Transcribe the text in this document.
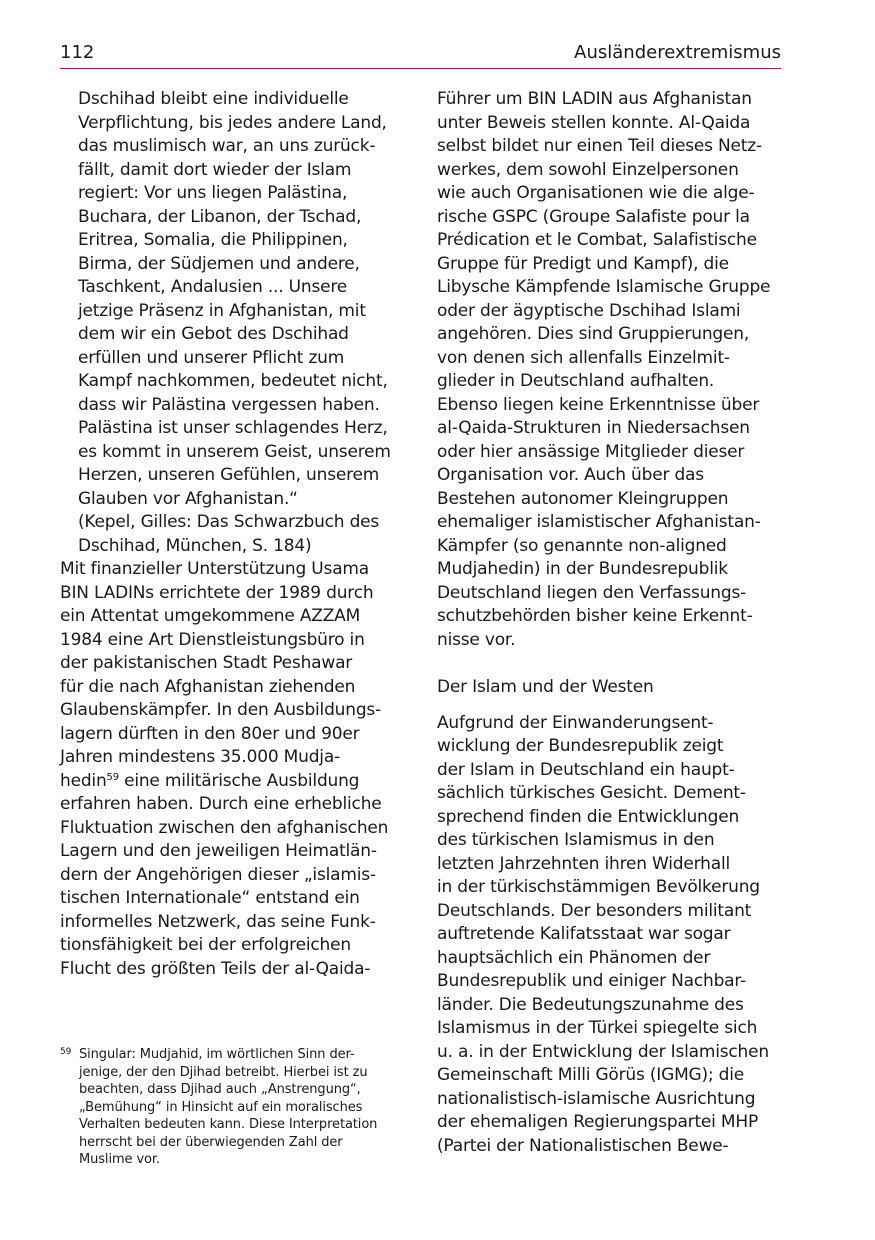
112	Ausländerextremismus
Dschihad bleibt eine individuelle
Verpflichtung, bis jedes andere Land,
das muslimisch war, an uns zurück-
fällt, damit dort wieder der Islam
regiert: Vor uns liegen Palästina,
Buchara, der Libanon, der Tschad,
Eritrea, Somalia, die Philippinen,
Birma, der Südjemen und andere,
Taschkent, Andalusien ... Unsere
jetzige Präsenz in Afghanistan, mit
dem wir ein Gebot des Dschihad
erfüllen und unserer Pflicht zum
Kampf nachkommen, bedeutet nicht,
dass wir Palästina vergessen haben.
Palästina ist unser schlagendes Herz,
es kommt in unserem Geist, unserem
Herzen, unseren Gefühlen, unserem
Glauben vor Afghanistan.“
(Kepel, Gilles: Das Schwarzbuch des
Dschihad, München, S. 184)
Mit finanzieller Unterstützung Usama
BIN LADINs errichtete der 1989 durch
ein Attentat umgekommene AZZAM
1984 eine Art Dienstleistungsbüro in
der pakistanischen Stadt Peshawar
für die nach Afghanistan ziehenden
Glaubenskämpfer. In den Ausbildungs-
lagern dürften in den 80er und 90er
Jahren mindestens 35.000 Mudja-
hedin$^{59}$ eine militärische Ausbildung
erfahren haben. Durch eine erhebliche
Fluktuation zwischen den afghanischen
Lagern und den jeweiligen Heimatlän-
dern der Angehörigen dieser „islamis-
tischen Internationale“ entstand ein
informelles Netzwerk, das seine Funk-
tionsfähigkeit bei der erfolgreichen
Flucht des größten Teils der al-Qaida-
59 Singular: Mudjahid, im wörtlichen Sinn der-
jenige, der den Djihad betreibt. Hierbei ist zu
beachten, dass Djihad auch „Anstrengung“,
„Bemühung“ in Hinsicht auf ein moralisches
Verhalten bedeuten kann. Diese Interpretation
herrscht bei der überwiegenden Zahl der
Muslime vor.
Führer um BIN LADIN aus Afghanistan
unter Beweis stellen konnte. Al-Qaida
selbst bildet nur einen Teil dieses Netz-
werkes, dem sowohl Einzelpersonen
wie auch Organisationen wie die alge-
rische GSPC (Groupe Salafiste pour la
Prédication et le Combat, Salafistische
Gruppe für Predigt und Kampf), die
Libysche Kämpfende Islamische Gruppe
oder der ägyptische Dschihad Islami
angehören. Dies sind Gruppierungen,
von denen sich allenfalls Einzelmit-
glieder in Deutschland aufhalten.
Ebenso liegen keine Erkenntnisse über
al-Qaida-Strukturen in Niedersachsen
oder hier ansässige Mitglieder dieser
Organisation vor. Auch über das
Bestehen autonomer Kleingruppen
ehemaliger islamistischer Afghanistan-
Kämpfer (so genannte non-aligned
Mudjahedin) in der Bundesrepublik
Deutschland liegen den Verfassungs-
schutzbehörden bisher keine Erkennt-
nisse vor.
Der Islam und der Westen
Aufgrund der Einwanderungsent-
wicklung der Bundesrepublik zeigt
der Islam in Deutschland ein haupt-
sächlich türkisches Gesicht. Dement-
sprechend finden die Entwicklungen
des türkischen Islamismus in den
letzten Jahrzehnten ihren Widerhall
in der türkischstämmigen Bevölkerung
Deutschlands. Der besonders militant
auftretende Kalifatsstaat war sogar
hauptsächlich ein Phänomen der
Bundesrepublik und einiger Nachbar-
länder. Die Bedeutungszunahme des
Islamismus in der Türkei spiegelte sich
u. a. in der Entwicklung der Islamischen
Gemeinschaft Milli Görüs (IGMG); die
nationalistisch-islamische Ausrichtung
der ehemaligen Regierungspartei MHP
(Partei der Nationalistischen Bewe-
